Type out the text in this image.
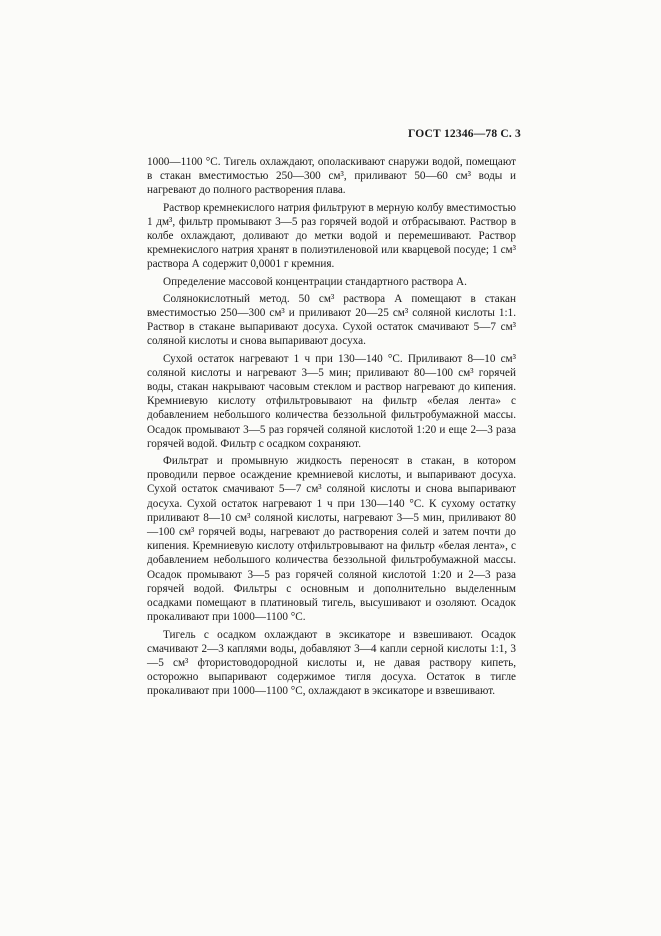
ГОСТ 12346—78 С. 3

1000—1100 °С. Тигель охлаждают, ополаскивают снаружи водой, помещают в стакан вместимостью 250—300 см³, приливают 50—60 см³ воды и нагревают до полного растворения плава.

Раствор кремнекислого натрия фильтруют в мерную колбу вместимостью 1 дм³, фильтр промывают 3—5 раз горячей водой и отбрасывают. Раствор в колбе охлаждают, доливают до метки водой и перемешивают. Раствор кремнекислого натрия хранят в полиэтиленовой или кварцевой посуде; 1 см³ раствора А содержит 0,0001 г кремния.

Определение массовой концентрации стандартного раствора А.

Солянокислотный метод. 50 см³ раствора А помещают в стакан вместимостью 250—300 см³ и приливают 20—25 см³ соляной кислоты 1:1. Раствор в стакане выпаривают досуха. Сухой остаток смачивают 5—7 см³ соляной кислоты и снова выпаривают досуха.

Сухой остаток нагревают 1 ч при 130—140 °С. Приливают 8—10 см³ соляной кислоты и нагревают 3—5 мин; приливают 80—100 см³ горячей воды, стакан накрывают часовым стеклом и раствор нагревают до кипения. Кремниевую кислоту отфильтровывают на фильтр «белая лента» с добавлением небольшого количества беззольной фильтробумажной массы. Осадок промывают 3—5 раз горячей соляной кислотой 1:20 и еще 2—3 раза горячей водой. Фильтр с осадком сохраняют.

Фильтрат и промывную жидкость переносят в стакан, в котором проводили первое осаждение кремниевой кислоты, и выпаривают досуха. Сухой остаток смачивают 5—7 см³ соляной кислоты и снова выпаривают досуха. Сухой остаток нагревают 1 ч при 130—140 °С. К сухому остатку приливают 8—10 см³ соляной кислоты, нагревают 3—5 мин, приливают 80—100 см³ горячей воды, нагревают до растворения солей и затем почти до кипения. Кремниевую кислоту отфильтровывают на фильтр «белая лента», с добавлением небольшого количества беззольной фильтробумажной массы. Осадок промывают 3—5 раз горячей соляной кислотой 1:20 и 2—3 раза горячей водой. Фильтры с основным и дополнительно выделенным осадками помещают в платиновый тигель, высушивают и озоляют. Осадок прокаливают при 1000—1100 °С.

Тигель с осадком охлаждают в эксикаторе и взвешивают. Осадок смачивают 2—3 каплями воды, добавляют 3—4 капли серной кислоты 1:1, 3—5 см³ фтористоводородной кислоты и, не давая раствору кипеть, осторожно выпаривают содержимое тигля досуха. Остаток в тигле прокаливают при 1000—1100 °С, охлаждают в эксикаторе и взвешивают.
